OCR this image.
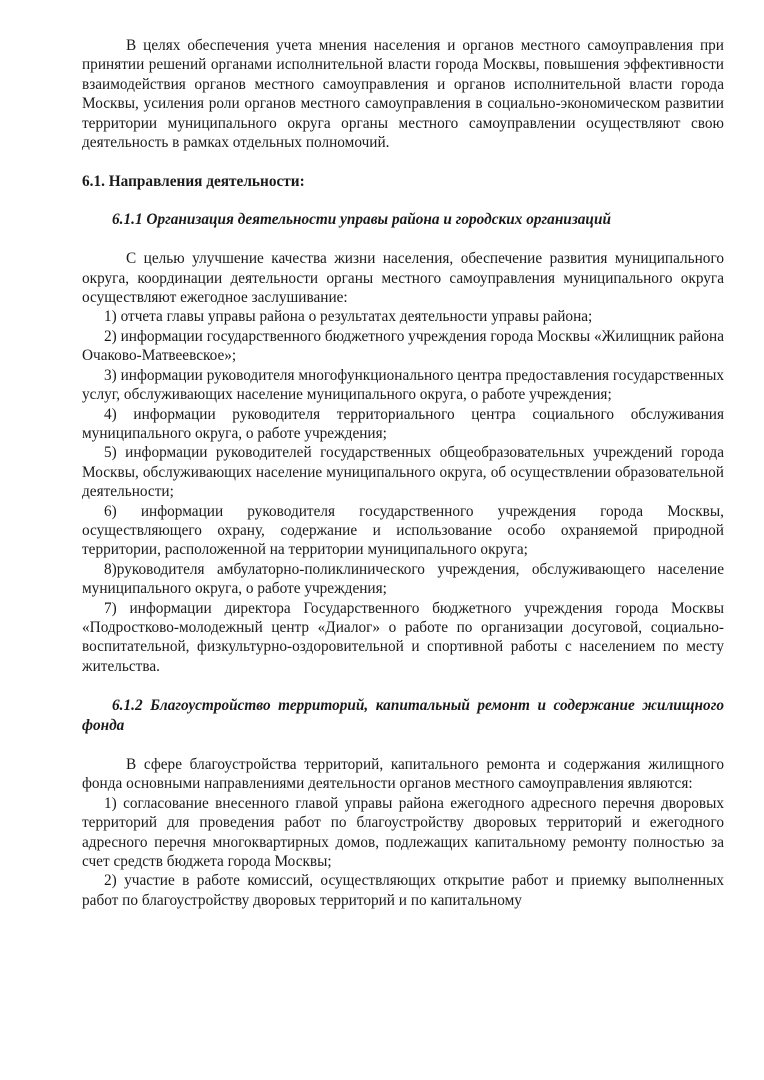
В целях обеспечения учета мнения населения и органов местного самоуправления при принятии решений органами исполнительной власти города Москвы, повышения эффективности взаимодействия органов местного самоуправления и органов исполнительной власти города Москвы, усиления роли органов местного самоуправления в социально-экономическом развитии территории муниципального округа органы местного самоуправлении осуществляют свою деятельность в рамках отдельных полномочий.

6.1. Направления деятельности:

6.1.1 Организация деятельности управы района и городских организаций

С целью улучшение качества жизни населения, обеспечение развития муниципального округа, координации деятельности органы местного самоуправления муниципального округа осуществляют ежегодное заслушивание:

1) отчета главы управы района о результатах деятельности управы района;

2) информации государственного бюджетного учреждения города Москвы «Жилищник района Очаково-Матвеевское»;

3) информации руководителя многофункционального центра предоставления государственных услуг, обслуживающих население муниципального округа, о работе учреждения;

4) информации руководителя территориального центра социального обслуживания муниципального округа, о работе учреждения;

5) информации руководителей государственных общеобразовательных учреждений города Москвы, обслуживающих население муниципального округа, об осуществлении образовательной деятельности;

6) информации руководителя государственного учреждения города Москвы, осуществляющего охрану, содержание и использование особо охраняемой природной территории, расположенной на территории муниципального округа;

8)руководителя амбулаторно-поликлинического учреждения, обслуживающего население муниципального округа, о работе учреждения;

7) информации директора Государственного бюджетного учреждения города Москвы «Подростково-молодежный центр «Диалог» о работе по организации досуговой, социально-воспитательной, физкультурно-оздоровительной и спортивной работы с населением по месту жительства.

6.1.2 Благоустройство территорий, капитальный ремонт и содержание жилищного фонда

В сфере благоустройства территорий, капитального ремонта и содержания жилищного фонда основными направлениями деятельности органов местного самоуправления являются:

1) согласование внесенного главой управы района ежегодного адресного перечня дворовых территорий для проведения работ по благоустройству дворовых территорий и ежегодного адресного перечня многоквартирных домов, подлежащих капитальному ремонту полностью за счет средств бюджета города Москвы;

2) участие в работе комиссий, осуществляющих открытие работ и приемку выполненных работ по благоустройству дворовых территорий и по капитальному
